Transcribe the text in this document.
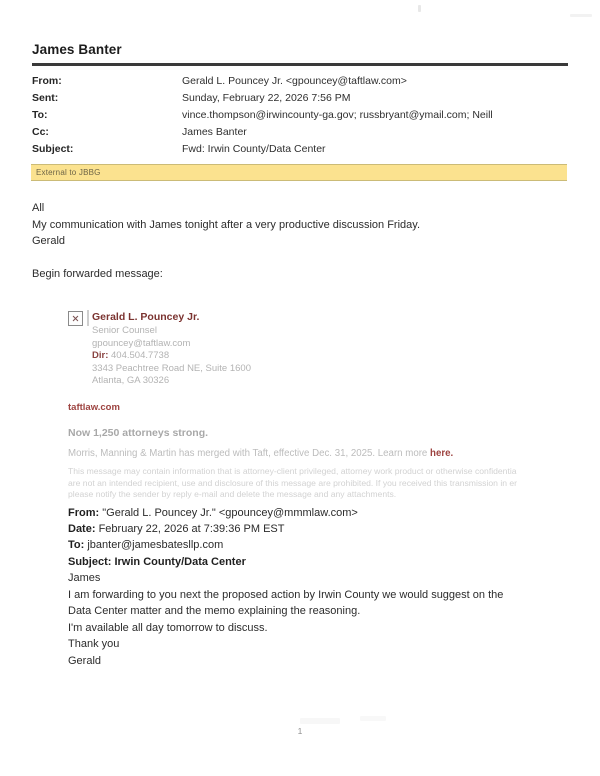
James Banter
From:	Gerald L. Pouncey Jr. <gpouncey@taftlaw.com>
Sent:	Sunday, February 22, 2026 7:56 PM
To:	vince.thompson@irwincounty-ga.gov; russbryant@ymail.com; Neill
Cc:	James Banter
Subject:	Fwd: Irwin County/Data Center
External to JBBG
All
My communication with James tonight after a very productive discussion Friday.
Gerald
Begin forwarded message:
Gerald L. Pouncey Jr.
Senior Counsel
gpouncey@taftlaw.com
Dir: 404.504.7738
3343 Peachtree Road NE, Suite 1600
Atlanta, GA 30326
taftlaw.com
Now 1,250 attorneys strong.
Morris, Manning & Martin has merged with Taft, effective Dec. 31, 2025. Learn more here.
This message may contain information that is attorney-client privileged, attorney work product or otherwise confidentia
are not an intended recipient, use and disclosure of this message are prohibited. If you received this transmission in er
please notify the sender by reply e-mail and delete the message and any attachments.
From: "Gerald L. Pouncey Jr." <gpouncey@mmmlaw.com>
Date: February 22, 2026 at 7:39:36 PM EST
To: jbanter@jamesbatesllp.com
Subject: Irwin County/Data Center
James
I am forwarding to you next the proposed action by Irwin County we would suggest on the
Data Center matter and the memo explaining the reasoning.
I'm available all day tomorrow to discuss.
Thank you
Gerald
1
